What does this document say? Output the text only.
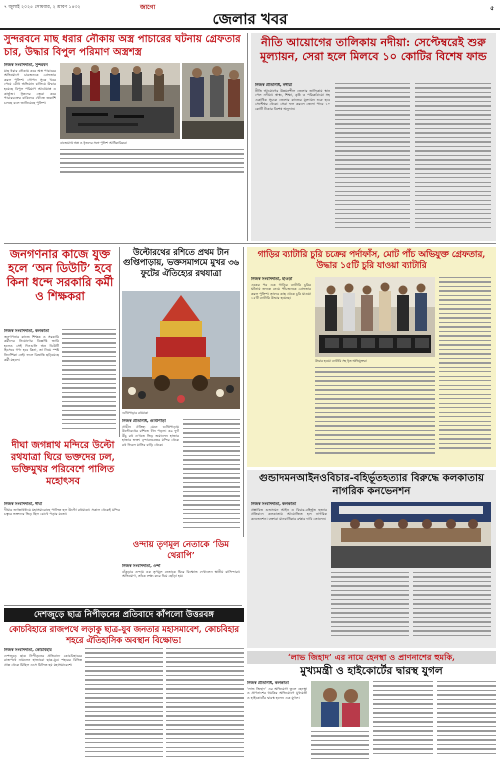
৭ জুলাই ২০২৫ সোমবার, ২ শ্রাবণ ১৪৩২	জাগো
জেলার খবর
৫
সুন্দরবনে মাছ ধরার নৌকায় অস্ত্র পাচারের ঘটনায় গ্রেফতার চার, উদ্ধার বিপুল পরিমাণ অস্ত্রশস্ত্র
নিজস্ব সংবাদদাতা, সুন্দরবন
মাছ ধরার নৌকায় করে অস্ত্র পাচারের অভিযোগে চারজনকে গ্রেফতার করল পুলিশ। গোপন সূত্রে খবর পেয়ে যৌথ অভিযান চালিয়ে উদ্ধার হয়েছে বিপুল পরিমাণ আগ্নেয়াস্ত্র ও কার্তুজ। ধৃতদের জেরা করে পাচারচক্রের বাকিদের খোঁজে তল্লাশি চলছে বলে জানিয়েছে পুলিশ।
বাজেয়াপ্ত অস্ত্র ও ধৃতদের সঙ্গে পুলিশ আধিকারিকরা
নীতি আয়োগের তালিকায় নদীয়া: সেপ্টেম্বরেই শুরু মূল্যায়ন, সেরা হলে মিলবে ১০ কোটির বিশেষ ফান্ড
নিজস্ব প্রতিনিধি, নদীয়া
নীতি আয়োগের উন্নয়নশীল জেলার তালিকায় স্থান পেল নদীয়া। স্বাস্থ্য, শিক্ষা, কৃষি ও পরিকাঠামো সহ একাধিক সূচকে জেলার কাজের মূল্যায়ন শুরু হবে সেপ্টেম্বর থেকে। সেরা ফল করলে জেলা পাবে ১০ কোটি টাকার বিশেষ অনুদান।
জনগণনার কাজে যুক্ত হলে ‘অন ডিউটি’ হবে কিনা ধন্দে সরকারি কর্মী ও শিক্ষকরা
নিজস্ব সংবাদদাতা, কলকাতা
জনগণনার কাজে শিক্ষক ও সরকারি কর্মীদের নিয়োগের বিজ্ঞপ্তি জারি হলেও সেই দিনগুলি অন ডিউটি হিসেবে গণ্য হবে কিনা, তা নিয়ে স্পষ্ট নির্দেশিকা নেই। ফলে বিভ্রান্তি ছড়িয়েছে কর্মী মহলে।
উল্টোরথের রশিতে প্রথম টান গুপ্তিপাড়ায়, ভক্তসমাগমে মুখর ৩৬ ফুটের ঐতিহ্যের রথযাত্রা
গুপ্তিপাড়ার রথযাত্রা
নিজস্ব প্রতিনিধি, গুপ্তিপাড়া
প্রাচীন ঐতিহ্য মেনে গুপ্তিপাড়ায় উল্টোরথের রশিতে টান পড়ল। ৩৬ ফুট উঁচু রথ দেখতে ভিড় জমালেন হাজার হাজার ভক্ত। বৃন্দাবনচন্দ্রের মন্দির থেকে রথ ফিরল মাসির বাড়ি থেকে।
দীঘা জগন্নাথ মন্দিরে উল্টো রথযাত্রা ঘিরে ভক্তদের ঢল, ভক্তিমুখর পরিবেশে পালিত মহোৎসব
নিজস্ব সংবাদদাতা, দীঘা
দীঘার জগন্নাথধামে মহাসমারোহে পালিত হল উল্টো রথযাত্রা। সকাল থেকেই মন্দির চত্বরে ভক্তদের ভিড় ছিল চোখে পড়ার মতো।
ওন্দায় তৃণমূল নেতাকে ‘ডিম থেরাপি’
নিজস্ব সংবাদদাতা, ওন্দা
বাঁকুড়ার ওন্দায় এক তৃণমূল নেতাকে ঘিরে বিক্ষোভ দেখালেন স্থানীয় বাসিন্দারা। অভিযোগ, তাঁকে লক্ষ্য করে ডিম ছোঁড়া হয়।
গাড়ির ব্যাটারি চুরি চক্রের পর্দাফাঁস, মোট পাঁচ অভিযুক্ত গ্রেফতার, উদ্ধার ১৫টি চুরি যাওয়া ব্যাটারি
নিজস্ব সংবাদদাতা, হাওড়া
একের পর এক গাড়ির ব্যাটারি চুরির ঘটনায় তদন্তে নেমে পাঁচজনকে গ্রেফতার করল পুলিশ। তাদের কাছ থেকে চুরি যাওয়া ১৫টি ব্যাটারি উদ্ধার হয়েছে।
উদ্ধার হওয়া ব্যাটারি সহ ধৃত অভিযুক্তরা
গুন্ডাদমনআইনওবিচার-বহির্ভূতহত্যার বিরুদ্ধে কলকাতায় নাগরিক কনভেনশন
নিজস্ব সংবাদদাতা, কলকাতা
প্রস্তাবিত গুন্ডাদমন আইন ও বিচার-বহির্ভূত হত্যার প্রতিবাদে কলকাতায় আয়োজিত হল নাগরিক কনভেনশন। বক্তারা মানবাধিকার রক্ষার দাবি তোলেন।
দেশজুড়ে ছাত্র নিপীড়নের প্রতিবাদে কাঁপলো উত্তরবঙ্গ
কোচবিহারে রাজপথে লড়াকু ছাত্র-যুব জনতার মহাসমাবেশ, কোচবিহার শহরে ঐতিহাসিক অবস্থান বিক্ষোভ!
নিজস্ব সংবাদদাতা, কোচবিহার
দেশজুড়ে ছাত্র নিপীড়নের প্রতিবাদে কোচবিহারের রাজপথে নামলেন হাজারো ছাত্র-যুব। শহরের বিভিন্ন প্রান্ত থেকে মিছিল এসে মিলিত হয় মহাসমাবেশে।
‘লাভ জিহাদ’ এর নামে হেনস্থা ও প্রাণনাশের হুমকি,
মুখ্যমন্ত্রী ও হাইকোর্টের দ্বারস্থ যুগল
নিজস্ব প্রতিনিধি, কলকাতা
‘লাভ জিহাদ’ এর অভিযোগ তুলে হেনস্থা ও প্রাণনাশের হুমকির অভিযোগে মুখ্যমন্ত্রী ও হাইকোর্টের দ্বারস্থ হলেন এক যুগল।
